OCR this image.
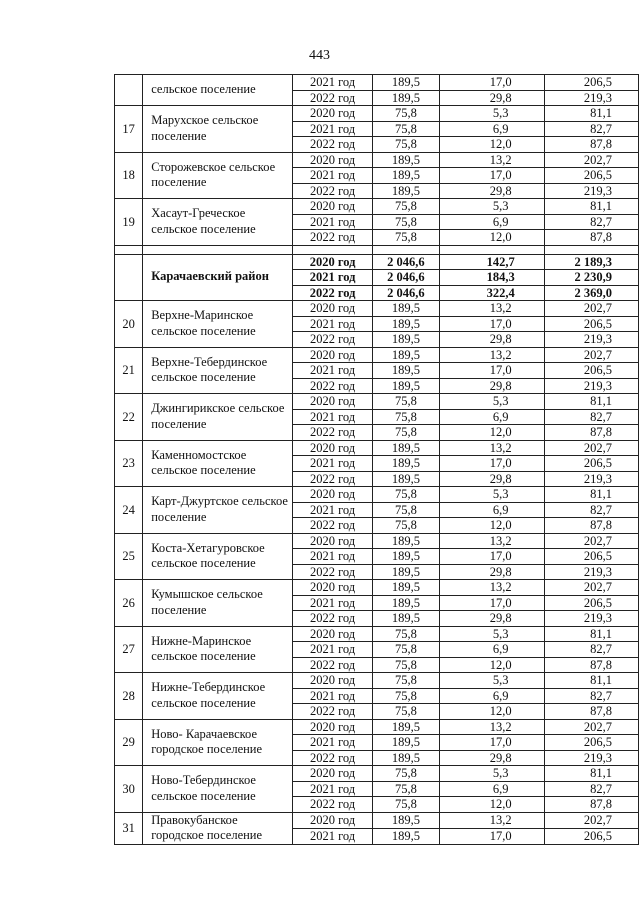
443
	сельское поселение	2021 год	189,5	17,0	206,5
		2022 год	189,5	29,8	219,3
17	Марухское сельское поселение	2020 год	75,8	5,3	81,1
		2021 год	75,8	6,9	82,7
		2022 год	75,8	12,0	87,8
18	Сторожевское сельское поселение	2020 год	189,5	13,2	202,7
		2021 год	189,5	17,0	206,5
		2022 год	189,5	29,8	219,3
19	Хасаут-Греческое сельское поселение	2020 год	75,8	5,3	81,1
		2021 год	75,8	6,9	82,7
		2022 год	75,8	12,0	87,8

	Карачаевский район	2020 год	2 046,6	142,7	2 189,3
		2021 год	2 046,6	184,3	2 230,9
		2022 год	2 046,6	322,4	2 369,0
20	Верхне-Маринское сельское поселение	2020 год	189,5	13,2	202,7
		2021 год	189,5	17,0	206,5
		2022 год	189,5	29,8	219,3
21	Верхне-Тебердинское сельское поселение	2020 год	189,5	13,2	202,7
		2021 год	189,5	17,0	206,5
		2022 год	189,5	29,8	219,3
22	Джингирикское сельское поселение	2020 год	75,8	5,3	81,1
		2021 год	75,8	6,9	82,7
		2022 год	75,8	12,0	87,8
23	Каменномостское сельское поселение	2020 год	189,5	13,2	202,7
		2021 год	189,5	17,0	206,5
		2022 год	189,5	29,8	219,3
24	Карт-Джуртское сельское поселение	2020 год	75,8	5,3	81,1
		2021 год	75,8	6,9	82,7
		2022 год	75,8	12,0	87,8
25	Коста-Хетагуровское сельское поселение	2020 год	189,5	13,2	202,7
		2021 год	189,5	17,0	206,5
		2022 год	189,5	29,8	219,3
26	Кумышское сельское поселение	2020 год	189,5	13,2	202,7
		2021 год	189,5	17,0	206,5
		2022 год	189,5	29,8	219,3
27	Нижне-Маринское сельское поселение	2020 год	75,8	5,3	81,1
		2021 год	75,8	6,9	82,7
		2022 год	75,8	12,0	87,8
28	Нижне-Тебердинское сельское поселение	2020 год	75,8	5,3	81,1
		2021 год	75,8	6,9	82,7
		2022 год	75,8	12,0	87,8
29	Ново- Карачаевское городское поселение	2020 год	189,5	13,2	202,7
		2021 год	189,5	17,0	206,5
		2022 год	189,5	29,8	219,3
30	Ново-Тебердинское сельское поселение	2020 год	75,8	5,3	81,1
		2021 год	75,8	6,9	82,7
		2022 год	75,8	12,0	87,8
31	Правокубанское городское поселение	2020 год	189,5	13,2	202,7
		2021 год	189,5	17,0	206,5
